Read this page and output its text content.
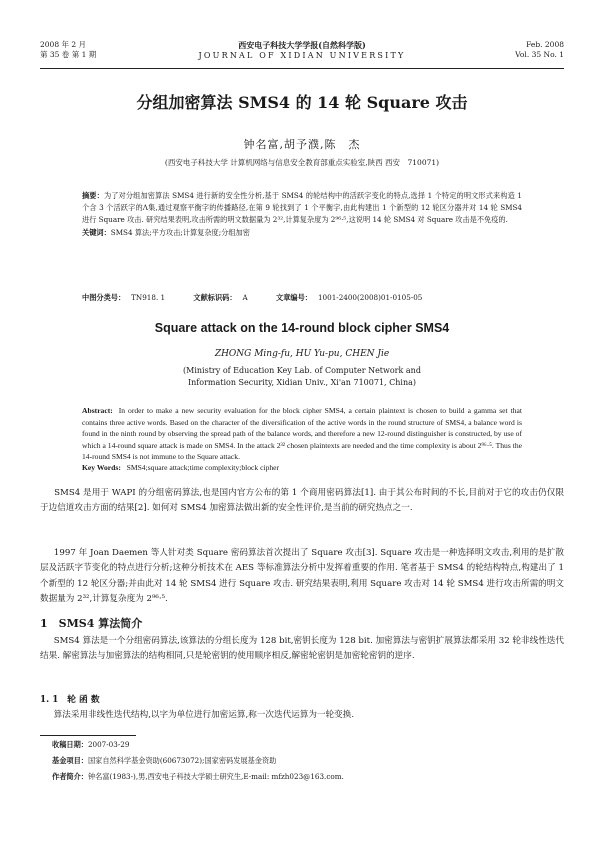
2008 年 2 月
第 35 卷 第 1 期
西安电子科技大学学报(自然科学版)
JOURNAL OF XIDIAN UNIVERSITY
Feb. 2008
Vol. 35 No. 1
分组加密算法 SMS4 的 14 轮 Square 攻击
钟名富,胡予濮,陈　杰
(西安电子科技大学 计算机网络与信息安全教育部重点实验室,陕西 西安　710071)
摘要：为了对分组加密算法 SMS4 进行新的安全性分析,基于 SMS4 的轮结构中的活跃字变化的特点,选择 1 个特定的明文形式来构造 1 个含 3 个活跃字的Λ集,通过观察平衡字的传播路径,在第 9 轮找到了 1 个平衡字,由此构建出 1 个新型的 12 轮区分器并对 14 轮 SMS4 进行 Square 攻击. 研究结果表明,攻击所需的明文数据量为 2³²,计算复杂度为 2⁹⁶·⁵,这说明 14 轮 SMS4 对 Square 攻击是不免疫的.
关键词：SMS4 算法;平方攻击;计算复杂度;分组加密
中图分类号： TN918. 1	文献标识码： A	文章编号： 1001-2400(2008)01-0105-05
Square attack on the 14-round block cipher SMS4
ZHONG Ming-fu, HU Yu-pu, CHEN Jie
(Ministry of Education Key Lab. of Computer Network and
Information Security, Xidian Univ., Xi'an 710071, China)
Abstract: In order to make a new security evaluation for the block cipher SMS4, a certain plaintext is chosen to build a gamma set that contains three active words. Based on the character of the diversification of the active words in the round structure of SMS4, a balance word is found in the ninth round by observing the spread path of the balance words, and therefore a new 12-round distinguisher is constructed, by use of which a 14-round square attack is made on SMS4. In the attack 2³² chosen plaintexts are needed and the time complexity is about 2⁹⁶·⁵. Thus the 14-round SMS4 is not immune to the Square attack.
Key Words: SMS4;square attack;time complexity;block cipher
SMS4 是用于 WAPI 的分组密码算法,也是国内官方公布的第 1 个商用密码算法[1]. 由于其公布时间的不长,目前对于它的攻击仍仅限于边信道攻击方面的结果[2]. 如何对 SMS4 加密算法做出新的安全性评价,是当前的研究热点之一.
1997 年 Joan Daemen 等人针对类 Square 密码算法首次提出了 Square 攻击[3]. Square 攻击是一种选择明文攻击,利用的是扩散层及活跃字节变化的特点进行分析;这种分析技术在 AES 等标准算法分析中发挥着重要的作用. 笔者基于 SMS4 的轮结构特点,构建出了 1 个新型的 12 轮区分器;并由此对 14 轮 SMS4 进行 Square 攻击. 研究结果表明,利用 Square 攻击对 14 轮 SMS4 进行攻击所需的明文数据量为 2³²,计算复杂度为 2⁹⁶·⁵.
1　SMS4 算法简介
SMS4 算法是一个分组密码算法,该算法的分组长度为 128 bit,密钥长度为 128 bit. 加密算法与密钥扩展算法都采用 32 轮非线性迭代结果. 解密算法与加密算法的结构相同,只是轮密钥的使用顺序相反,解密轮密钥是加密轮密钥的逆序.
1. 1　轮 函 数
算法采用非线性迭代结构,以字为单位进行加密运算,称一次迭代运算为一轮变换.
收稿日期：2007-03-29
基金项目：国家自然科学基金资助(60673072);国家密码发展基金资助
作者简介：钟名富(1983-),男,西安电子科技大学硕士研究生,E-mail: mfzh023@163.com.
